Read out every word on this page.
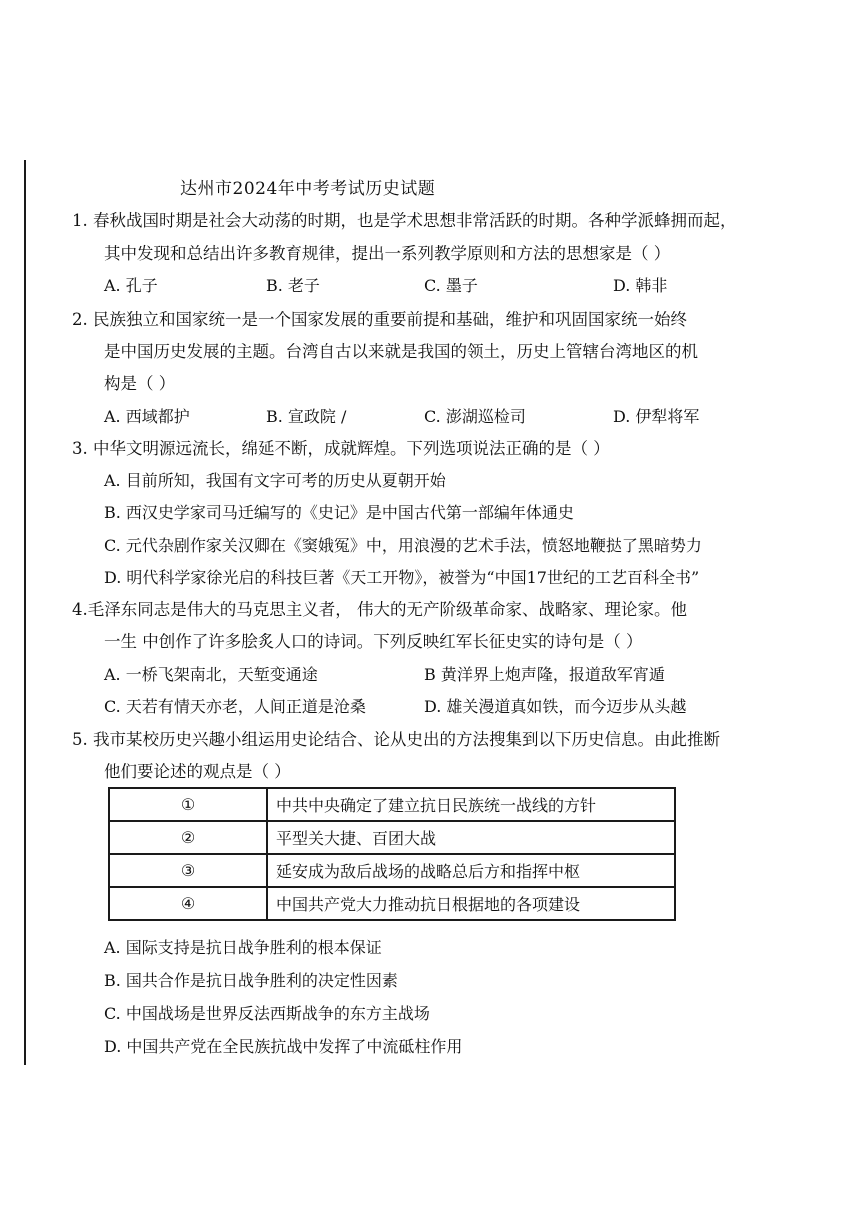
达州市2024年中考考试历史试题
1. 春秋战国时期是社会大动荡的时期，也是学术思想非常活跃的时期。各种学派蜂拥而起，
其中发现和总结出许多教育规律，提出一系列教学原则和方法的思想家是（ ）
A. 孔子	B. 老子	C. 墨子	D. 韩非
2. 民族独立和国家统一是一个国家发展的重要前提和基础，维护和巩固国家统一始终
是中国历史发展的主题。台湾自古以来就是我国的领土，历史上管辖台湾地区的机
构是（ ）
A. 西域都护	B. 宣政院 /	C. 澎湖巡检司	D. 伊犁将军
3. 中华文明源远流长，绵延不断，成就辉煌。下列选项说法正确的是（ ）
A. 目前所知，我国有文字可考的历史从夏朝开始
B. 西汉史学家司马迁编写的《史记》是中国古代第一部编年体通史
C. 元代杂剧作家关汉卿在《窦娥冤》中，用浪漫的艺术手法，愤怒地鞭挞了黑暗势力
D. 明代科学家徐光启的科技巨著《天工开物》，被誉为“中国17世纪的工艺百科全书”
4.毛泽东同志是伟大的马克思主义者， 伟大的无产阶级革命家、战略家、理论家。他
一生 中创作了许多脍炙人口的诗词。下列反映红军长征史实的诗句是（ ）
A. 一桥飞架南北，天堑变通途	B 黄洋界上炮声隆，报道敌军宵遁
C. 天若有情天亦老，人间正道是沧桑	D. 雄关漫道真如铁，而今迈步从头越
5. 我市某校历史兴趣小组运用史论结合、论从史出的方法搜集到以下历史信息。由此推断
他们要论述的观点是（ ）
①	中共中央确定了建立抗日民族统一战线的方针
②	平型关大捷、百团大战
③	延安成为敌后战场的战略总后方和指挥中枢
④	中国共产党大力推动抗日根据地的各项建设
A. 国际支持是抗日战争胜利的根本保证
B. 国共合作是抗日战争胜利的决定性因素
C. 中国战场是世界反法西斯战争的东方主战场
D. 中国共产党在全民族抗战中发挥了中流砥柱作用
